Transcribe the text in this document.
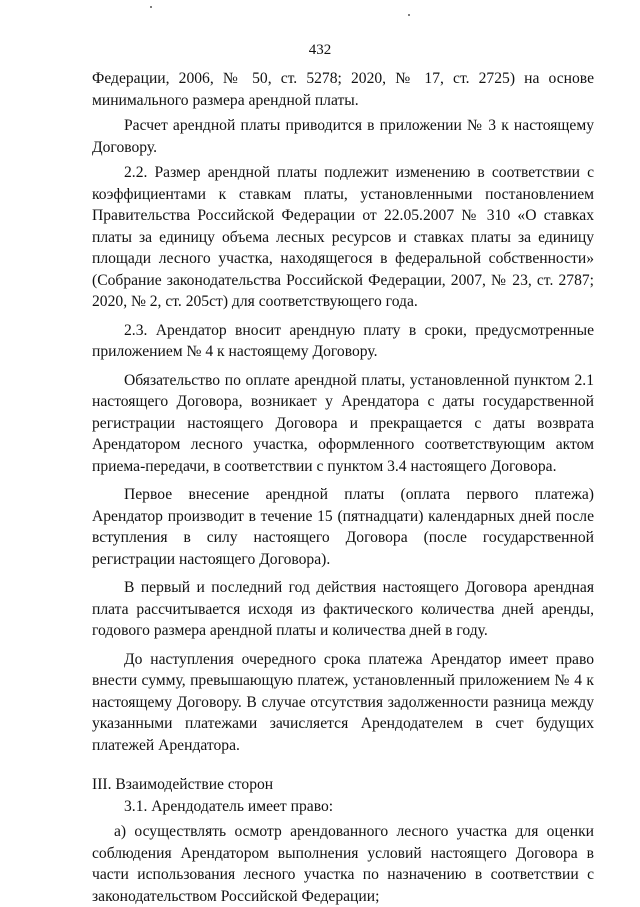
432

Федерации, 2006, № 50, ст. 5278; 2020, № 17, ст. 2725) на основе минимального размера арендной платы.

Расчет арендной платы приводится в приложении № 3 к настоящему Договору.

2.2. Размер арендной платы подлежит изменению в соответствии с коэффициентами к ставкам платы, установленными постановлением Правительства Российской Федерации от 22.05.2007 № 310 «О ставках платы за единицу объема лесных ресурсов и ставках платы за единицу площади лесного участка, находящегося в федеральной собственности» (Собрание законодательства Российской Федерации, 2007, № 23, ст. 2787; 2020, № 2, ст. 205ст) для соответствующего года.

2.3. Арендатор вносит арендную плату в сроки, предусмотренные приложением № 4 к настоящему Договору.

Обязательство по оплате арендной платы, установленной пунктом 2.1 настоящего Договора, возникает у Арендатора с даты государственной регистрации настоящего Договора и прекращается с даты возврата Арендатором лесного участка, оформленного соответствующим актом приема-передачи, в соответствии с пунктом 3.4 настоящего Договора.

Первое внесение арендной платы (оплата первого платежа) Арендатор производит в течение 15 (пятнадцати) календарных дней после вступления в силу настоящего Договора (после государственной регистрации настоящего Договора).

В первый и последний год действия настоящего Договора арендная плата рассчитывается исходя из фактического количества дней аренды, годового размера арендной платы и количества дней в году.

До наступления очередного срока платежа Арендатор имеет право внести сумму, превышающую платеж, установленный приложением № 4 к настоящему Договору. В случае отсутствия задолженности разница между указанными платежами зачисляется Арендодателем в счет будущих платежей Арендатора.

III. Взаимодействие сторон

3.1. Арендодатель имеет право:

а) осуществлять осмотр арендованного лесного участка для оценки соблюдения Арендатором выполнения условий настоящего Договора в части использования лесного участка по назначению в соответствии с законодательством Российской Федерации;
